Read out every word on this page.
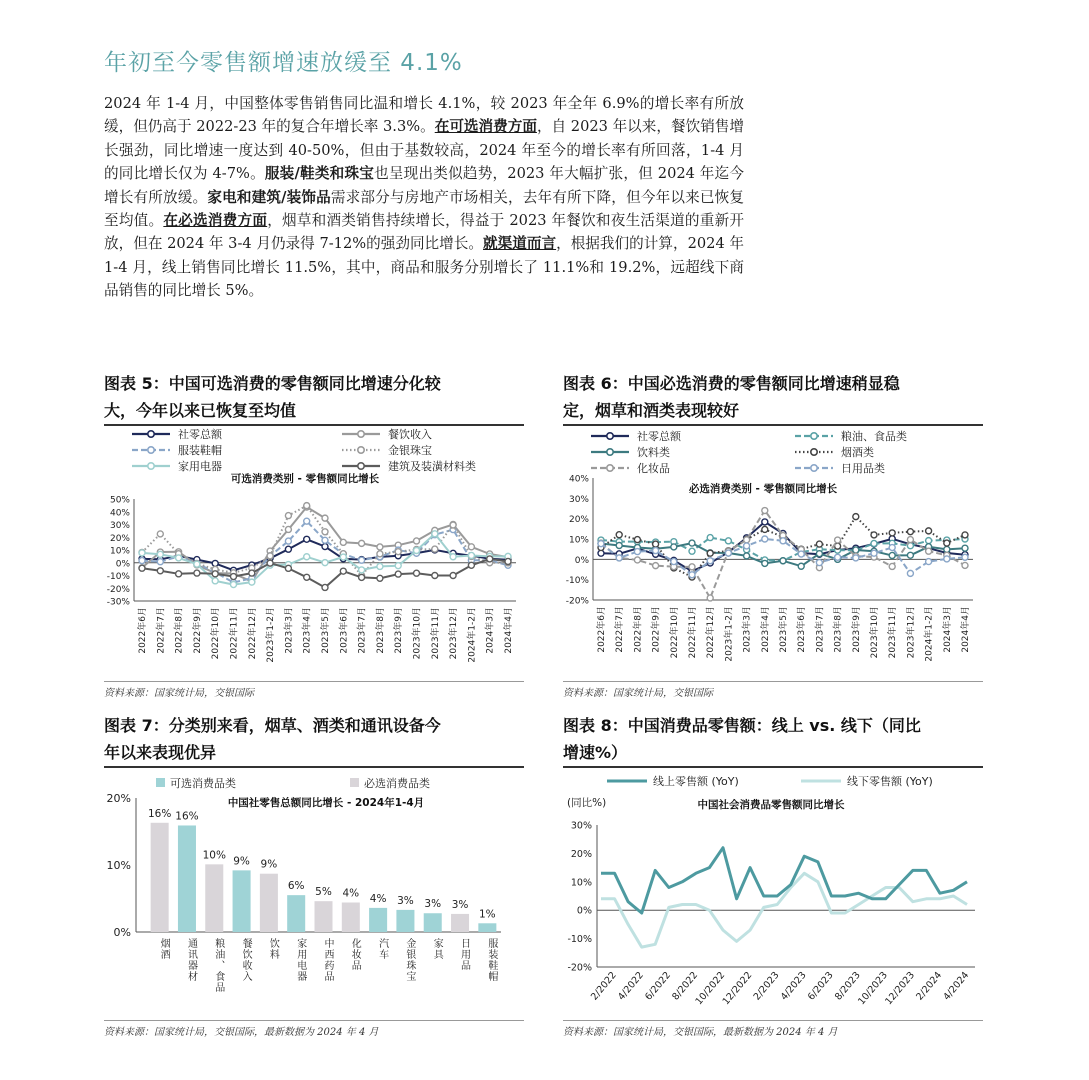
年初至今零售额增速放缓至 4.1%
2024 年 1-4 月，中国整体零售销售同比温和增长 4.1%，较 2023 年全年 6.9%的增长率有所放缓，但仍高于 2022-23 年的复合年增长率 3.3%。在可选消费方面，自 2023 年以来，餐饮销售增长强劲，同比增速一度达到 40-50%，但由于基数较高，2024 年至今的增长率有所回落，1-4 月的同比增长仅为 4-7%。服装/鞋类和珠宝也呈现出类似趋势，2023 年大幅扩张，但 2024 年迄今增长有所放缓。家电和建筑/装饰品需求部分与房地产市场相关，去年有所下降，但今年以来已恢复至均值。在必选消费方面，烟草和酒类销售持续增长，得益于 2023 年餐饮和夜生活渠道的重新开放，但在 2024 年 3-4 月仍录得 7-12%的强劲同比增长。就渠道而言，根据我们的计算，2024 年 1-4 月，线上销售同比增长 11.5%，其中，商品和服务分别增长了 11.1%和 19.2%，远超线下商品销售的同比增长 5%。
图表 5：中国可选消费的零售额同比增速分化较
大，今年以来已恢复至均值
社零总额	餐饮收入
服装鞋帽	金银珠宝
家用电器	建筑及装潢材料类
可选消费类别 - 零售额同比增长
50%
40%
30%
20%
10%
0%
-10%
-20%
-30%
2022年6月 2022年7月 2022年8月 2022年9月 2022年10月 2022年11月 2022年12月 2023年1-2月 2023年3月 2023年4月 2023年5月 2023年6月 2023年7月 2023年8月 2023年9月 2023年10月 2023年11月 2023年12月 2024年1-2月 2024年3月 2024年4月
资料来源：国家统计局，交银国际
图表 6：中国必选消费的零售额同比增速稍显稳
定，烟草和酒类表现较好
社零总额	粮油、食品类
饮料类	烟酒类
化妆品	日用品类
必选消费类别 - 零售额同比增长
40%
30%
20%
10%
0%
-10%
-20%
2022年6月 2022年7月 2022年8月 2022年9月 2022年10月 2022年11月 2022年12月 2023年1-2月 2023年3月 2023年4月 2023年5月 2023年6月 2023年7月 2023年8月 2023年9月 2023年10月 2023年11月 2023年12月 2024年1-2月 2024年3月 2024年4月
资料来源：国家统计局，交银国际
图表 7：分类别来看，烟草、酒类和通讯设备今
年以来表现优异
可选消费品类	必选消费品类
中国社零售总额同比增长 - 2024年1-4月
20%
10%
0%
16%
烟酒
16%
通讯器材
10%
粮油、食品
9%
餐饮收入
9%
饮料
6%
家用电器
5%
中西药品
4%
化妆品
4%
汽车
3%
金银珠宝
3%
家具
3%
日用品
1%
服装鞋帽
资料来源：国家统计局，交银国际，最新数据为 2024 年 4 月
图表 8：中国消费品零售额：线上 vs. 线下（同比
增速%）
线上零售额 (YoY)	线下零售额 (YoY)
(同比%)	中国社会消费品零售额同比增长
30%
20%
10%
0%
-10%
-20%
2/2022
4/2022
6/2022
8/2022
10/2022
12/2022
2/2023
4/2023
6/2023
8/2023
10/2023
12/2023
2/2024
4/2024
资料来源：国家统计局，交银国际，最新数据为 2024 年 4 月
